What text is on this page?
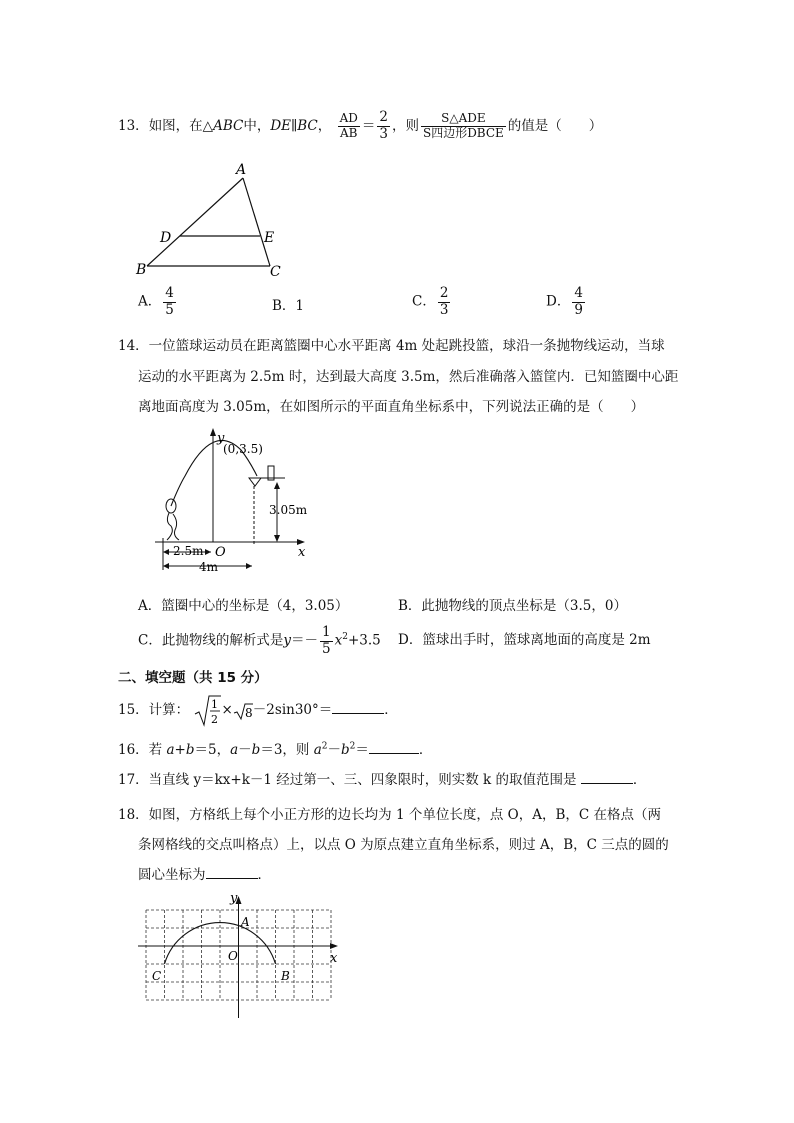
13．如图，在△ABC中，DE∥BC， $\frac{AD}{AB} = \frac{2}{3}$ ，则 $\frac{\text{S△ADE}}{\text{S四边形DBCE}}$ 的值是（　　）
A
D	E
B	C
A． $\frac{4}{5}$	B．1	C． $\frac{2}{3}$	D． $\frac{4}{9}$
14．一位篮球运动员在距离篮圈中心水平距离 4m 处起跳投篮，球沿一条抛物线运动，当球
运动的水平距离为 2.5m 时，达到最大高度 3.5m，然后准确落入篮筐内．已知篮圈中心距
离地面高度为 3.05m，在如图所示的平面直角坐标系中，下列说法正确的是（　　）
y
(0,3.5)
3.05m
x
O
2.5m
4m
A．篮圈中心的坐标是（4，3.05）	B．此抛物线的顶点坐标是（3.5，0）
C．此抛物线的解析式是$y=- \frac{1}{5} x^2+3.5$ D．篮球出手时，篮球离地面的高度是 2m
二、填空题（共 15 分）
15．计算： 1
2
× 8 －2sin30°＝	．
16．若 a+b＝5，a－b＝3，则 $a^2-b^2=$	．
17．当直线 y＝kx+k－1 经过第一、三、四象限时，则实数 k 的取值范围是	．
18．如图，方格纸上每个小正方形的边长均为 1 个单位长度，点 O，A，B，C 在格点（两
条网格线的交点叫格点）上，以点 O 为原点建立直角坐标系，则过 A，B，C 三点的圆的
圆心坐标为	．
y
x
A
O
C	B
